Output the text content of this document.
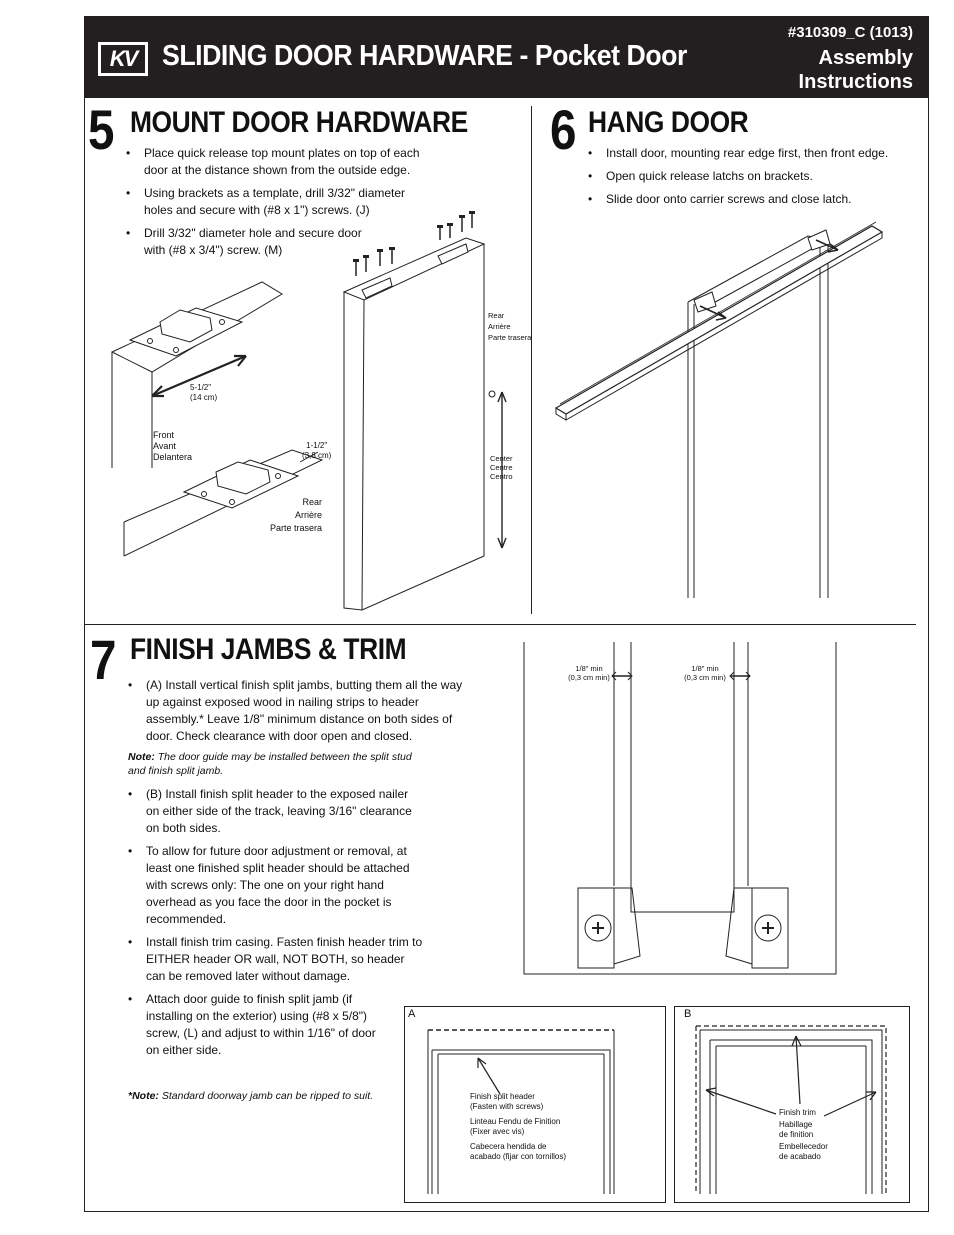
KV SLIDING DOOR HARDWARE - Pocket Door
#310309_C (1013)
Assembly
Instructions
5 MOUNT DOOR HARDWARE
• Place quick release top mount plates on top of each door at the distance shown from the outside edge.
• Using brackets as a template, drill 3/32" diameter holes and secure with (#8 x 1") screws. (J)
• Drill 3/32" diameter hole and secure door with (#8 x 3/4") screw. (M)
5-1/2"
(14 cm)
Front
Avant
Delantera
1-1/2"
(3,8 cm)
Rear
Arrière
Parte trasera
Rear
Arrière
Parte trasera
Center
Centre
Centro
6 HANG DOOR
• Install door, mounting rear edge first, then front edge.
• Open quick release latchs on brackets.
• Slide door onto carrier screws and close latch.
7 FINISH JAMBS & TRIM
• (A) Install vertical finish split jambs, butting them all the way up against exposed wood in nailing strips to header assembly.* Leave 1/8" minimum distance on both sides of door. Check clearance with door open and closed.
Note: The door guide may be installed between the split stud and finish split jamb.
• (B) Install finish split header to the exposed nailer on either side of the track, leaving 3/16" clearance on both sides.
• To allow for future door adjustment or removal, at least one finished split header should be attached with screws only: The one on your right hand overhead as you face the door in the pocket is recommended.
• Install finish trim casing. Fasten finish header trim to EITHER header OR wall, NOT BOTH, so header can be removed later without damage.
• Attach door guide to finish split jamb (if installing on the exterior) using (#8 x 5/8") screw, (L) and adjust to within 1/16" of door on either side.
*Note: Standard doorway jamb can be ripped to suit.
1/8" min
(0,3 cm min)
1/8" min
(0,3 cm min)
A
Finish split header
(Fasten with screws)
Linteau Fendu de Finition
(Fixer avec vis)
Cabecera hendida de
acabado (fijar con tornillos)
B
Finish trim
Habillage
de finition
Embellecedor
de acabado
